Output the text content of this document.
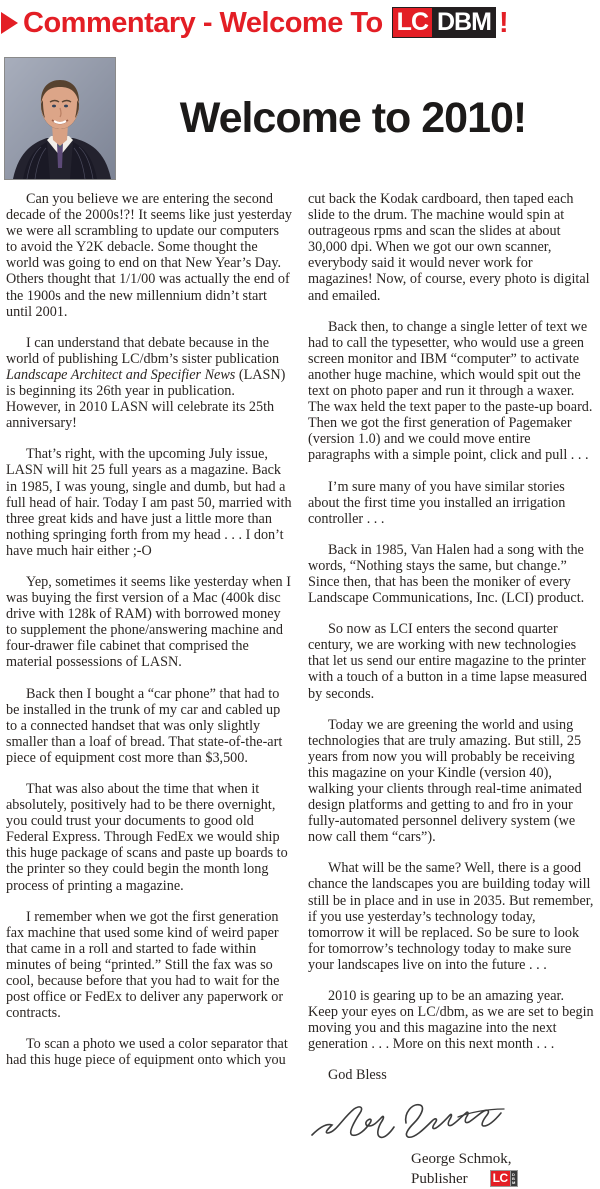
Commentary - Welcome To LC DBM !
Welcome to 2010!

Can you believe we are entering the second decade of the 2000s!?! It seems like just yesterday we were all scrambling to update our computers to avoid the Y2K debacle. Some thought the world was going to end on that New Year’s Day. Others thought that 1/1/00 was actually the end of the 1900s and the new millennium didn’t start until 2001.

I can understand that debate because in the world of publishing LC/dbm’s sister publication Landscape Architect and Specifier News (LASN) is beginning its 26th year in publication. However, in 2010 LASN will celebrate its 25th anniversary!

That’s right, with the upcoming July issue, LASN will hit 25 full years as a magazine. Back in 1985, I was young, single and dumb, but had a full head of hair. Today I am past 50, married with three great kids and have just a little more than nothing springing forth from my head . . . I don’t have much hair either ;-O

Yep, sometimes it seems like yesterday when I was buying the first version of a Mac (400k disc drive with 128k of RAM) with borrowed money to supplement the phone/answering machine and four-drawer file cabinet that comprised the material possessions of LASN.

Back then I bought a “car phone” that had to be installed in the trunk of my car and cabled up to a connected handset that was only slightly smaller than a loaf of bread. That state-of-the-art piece of equipment cost more than $3,500.

That was also about the time that when it absolutely, positively had to be there overnight, you could trust your documents to good old Federal Express. Through FedEx we would ship this huge package of scans and paste up boards to the printer so they could begin the month long process of printing a magazine.

I remember when we got the first generation fax machine that used some kind of weird paper that came in a roll and started to fade within minutes of being “printed.” Still the fax was so cool, because before that you had to wait for the post office or FedEx to deliver any paperwork or contracts.

To scan a photo we used a color separator that had this huge piece of equipment onto which you

cut back the Kodak cardboard, then taped each slide to the drum. The machine would spin at outrageous rpms and scan the slides at about 30,000 dpi. When we got our own scanner, everybody said it would never work for magazines! Now, of course, every photo is digital and emailed.

Back then, to change a single letter of text we had to call the typesetter, who would use a green screen monitor and IBM “computer” to activate another huge machine, which would spit out the text on photo paper and run it through a waxer. The wax held the text paper to the paste-up board. Then we got the first generation of Pagemaker (version 1.0) and we could move entire paragraphs with a simple point, click and pull . . .

I’m sure many of you have similar stories about the first time you installed an irrigation controller . . .

Back in 1985, Van Halen had a song with the words, “Nothing stays the same, but change.” Since then, that has been the moniker of every Landscape Communications, Inc. (LCI) product.

So now as LCI enters the second quarter century, we are working with new technologies that let us send our entire magazine to the printer with a touch of a button in a time lapse measured by seconds.

Today we are greening the world and using technologies that are truly amazing. But still, 25 years from now you will probably be receiving this magazine on your Kindle (version 40), walking your clients through real-time animated design platforms and getting to and fro in your fully-automated personnel delivery system (we now call them “cars”).

What will be the same? Well, there is a good chance the landscapes you are building today will still be in place and in use in 2035. But remember, if you use yesterday’s technology today, tomorrow it will be replaced. So be sure to look for tomorrow’s technology today to make sure your landscapes live on into the future . . .

2010 is gearing up to be an amazing year. Keep your eyes on LC/dbm, as we are set to begin moving you and this magazine into the next generation . . . More on this next month . . .

God Bless

George Schmok,
Publisher LC	D
B
M
